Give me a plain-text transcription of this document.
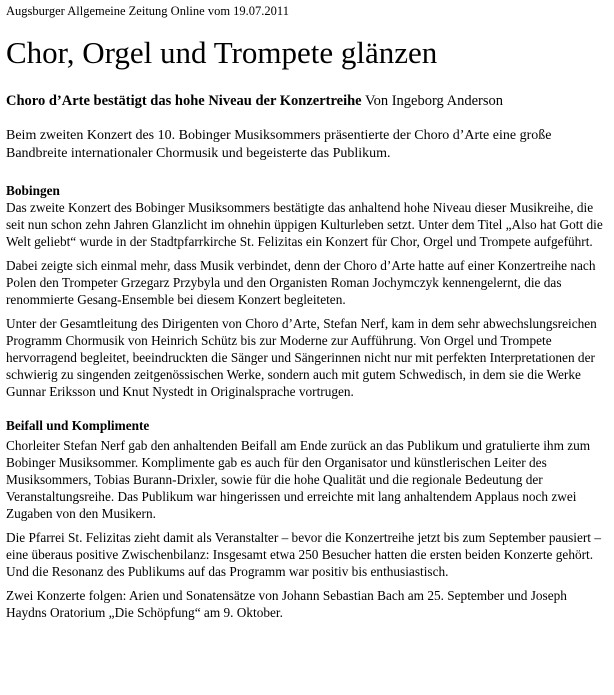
Augsburger Allgemeine Zeitung Online vom 19.07.2011
Chor, Orgel und Trompete glänzen
Choro d’Arte bestätigt das hohe Niveau der Konzertreihe Von Ingeborg Anderson

Beim zweiten Konzert des 10. Bobinger Musiksommers präsentierte der Choro d’Arte eine große Bandbreite internationaler Chormusik und begeisterte das Publikum.

Bobingen

Das zweite Konzert des Bobinger Musiksommers bestätigte das anhaltend hohe Niveau dieser Musikreihe, die seit nun schon zehn Jahren Glanzlicht im ohnehin üppigen Kulturleben setzt. Unter dem Titel „Also hat Gott die Welt geliebt“ wurde in der Stadtpfarrkirche St. Felizitas ein Konzert für Chor, Orgel und Trompete aufgeführt.

Dabei zeigte sich einmal mehr, dass Musik verbindet, denn der Choro d’Arte hatte auf einer Konzertreihe nach Polen den Trompeter Grzegarz Przybyla und den Organisten Roman Jochymczyk kennengelernt, die das renommierte Gesang-Ensemble bei diesem Konzert begleiteten.

Unter der Gesamtleitung des Dirigenten von Choro d’Arte, Stefan Nerf, kam in dem sehr abwechslungsreichen Programm Chormusik von Heinrich Schütz bis zur Moderne zur Aufführung. Von Orgel und Trompete hervorragend begleitet, beeindruckten die Sänger und Sängerinnen nicht nur mit perfekten Interpretationen der schwierig zu singenden zeitgenössischen Werke, sondern auch mit gutem Schwedisch, in dem sie die Werke Gunnar Eriksson und Knut Nystedt in Originalsprache vortrugen.

Beifall und Komplimente

Chorleiter Stefan Nerf gab den anhaltenden Beifall am Ende zurück an das Publikum und gratulierte ihm zum Bobinger Musiksommer. Komplimente gab es auch für den Organisator und künstlerischen Leiter des Musiksommers, Tobias Burann-Drixler, sowie für die hohe Qualität und die regionale Bedeutung der Veranstaltungsreihe. Das Publikum war hingerissen und erreichte mit lang anhaltendem Applaus noch zwei Zugaben von den Musikern.

Die Pfarrei St. Felizitas zieht damit als Veranstalter – bevor die Konzertreihe jetzt bis zum September pausiert – eine überaus positive Zwischenbilanz: Insgesamt etwa 250 Besucher hatten die ersten beiden Konzerte gehört. Und die Resonanz des Publikums auf das Programm war positiv bis enthusiastisch.

Zwei Konzerte folgen: Arien und Sonatensätze von Johann Sebastian Bach am 25. September und Joseph Haydns Oratorium „Die Schöpfung“ am 9. Oktober.
